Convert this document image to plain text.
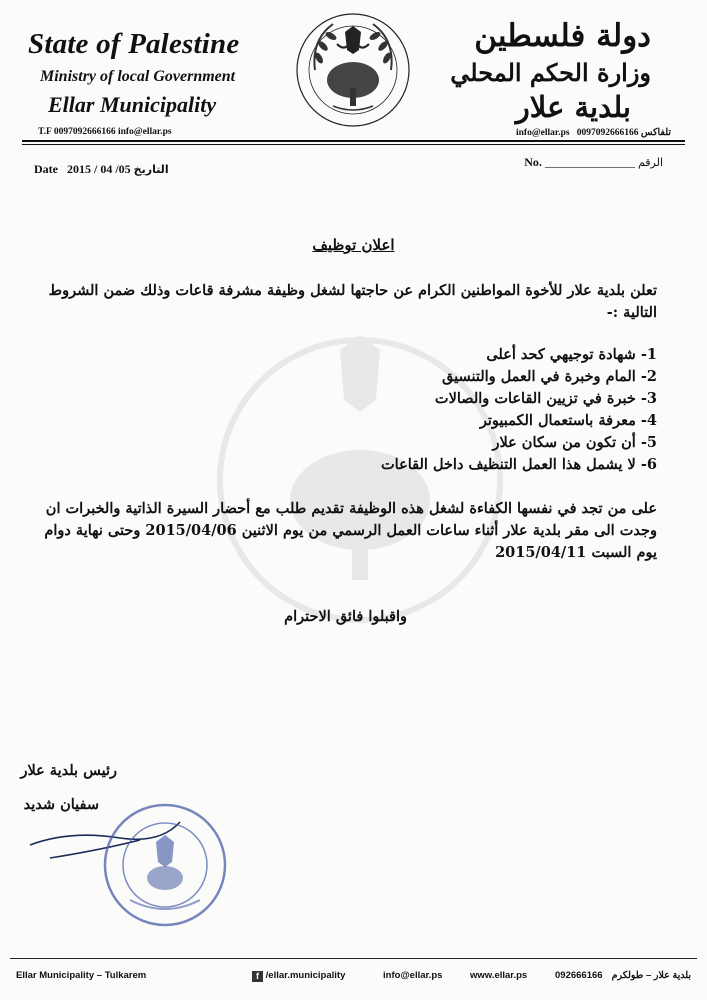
State of Palestine
Ministry of local Government
Ellar Municipality
T.F 0097092666166 info@ellar.ps
دولة فلسطين
وزارة الحكم المحلي
بلدية علار
info@ellar.ps 0097092666166 تلفاكس
Date 2015 / 04 /05 التاريخ
No. _______________ الرقم
اعلان توظيف
تعلن بلدية علار للأخوة المواطنين الكرام عن حاجتها لشغل وظيفة مشرفة قاعات وذلك ضمن الشروط التالية :-
1- شهادة توجيهي كحد أعلى
2- المام وخبرة في العمل والتنسيق
3- خبرة في تزيين القاعات والصالات
4- معرفة باستعمال الكمبيوتر
5- أن تكون من سكان علار
6- لا يشمل هذا العمل التنظيف داخل القاعات
على من تجد في نفسها الكفاءة لشغل هذه الوظيفة تقديم طلب مع أحضار السيرة الذاتية والخبرات ان وجدت الى مقر بلدية علار أثناء ساعات العمل الرسمي من يوم الاثنين 2015/04/06 وحتى نهاية دوام يوم السبت 2015/04/11
واقبلوا فائق الاحترام
رئيس بلدية علار
سفيان شديد
Ellar Municipality – Tulkarem	f /ellar.municipality	info@ellar.ps	www.ellar.ps	092666166 بلدية علار – طولكرم
